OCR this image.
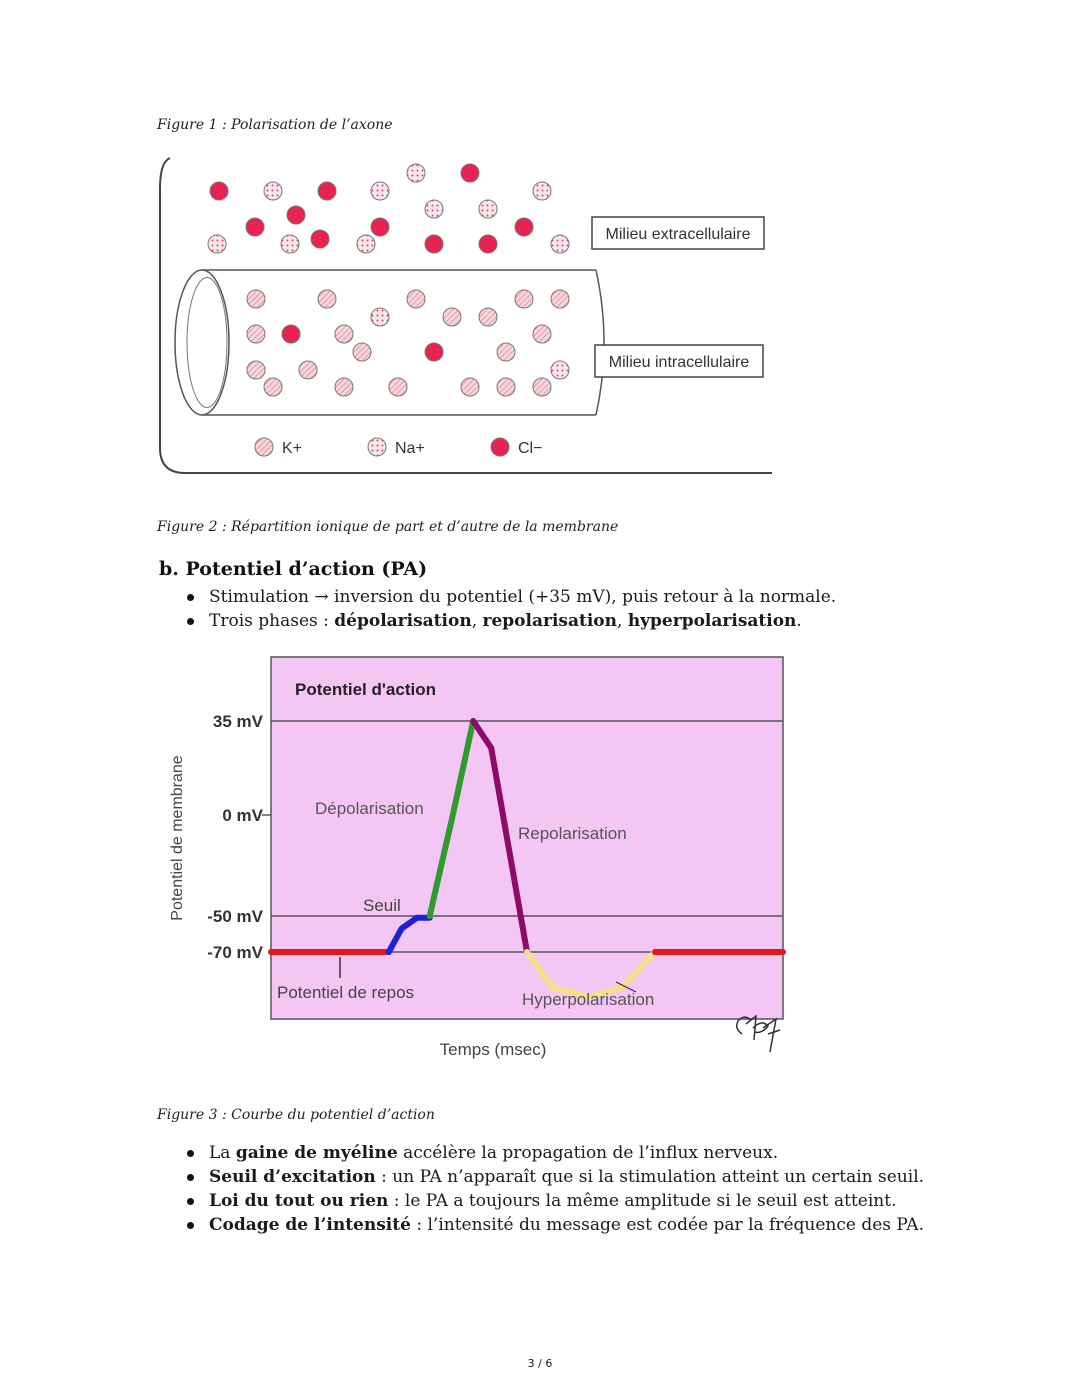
Figure 1 : Polarisation de l’axone
Milieu extracellulaire
Milieu intracellulaire
K+	Na+	Cl−
Figure 2 : Répartition ionique de part et d’autre de la membrane
b. Potentiel d’action (PA)
Stimulation → inversion du potentiel (+35 mV), puis retour à la normale.
Trois phases : dépolarisation, repolarisation, hyperpolarisation.
35 mV
0 mV
-50 mV
-70 mV
Potentiel d'action
Potentiel de membrane
Temps (msec)
Dépolarisation
Repolarisation
Seuil
Potentiel de repos	Hyperpolarisation
Figure 3 : Courbe du potentiel d’action
La gaine de myéline accélère la propagation de l’influx nerveux.
Seuil d’excitation : un PA n’apparaît que si la stimulation atteint un certain seuil.
Loi du tout ou rien : le PA a toujours la même amplitude si le seuil est atteint.
Codage de l’intensité : l’intensité du message est codée par la fréquence des PA.
3 / 6
